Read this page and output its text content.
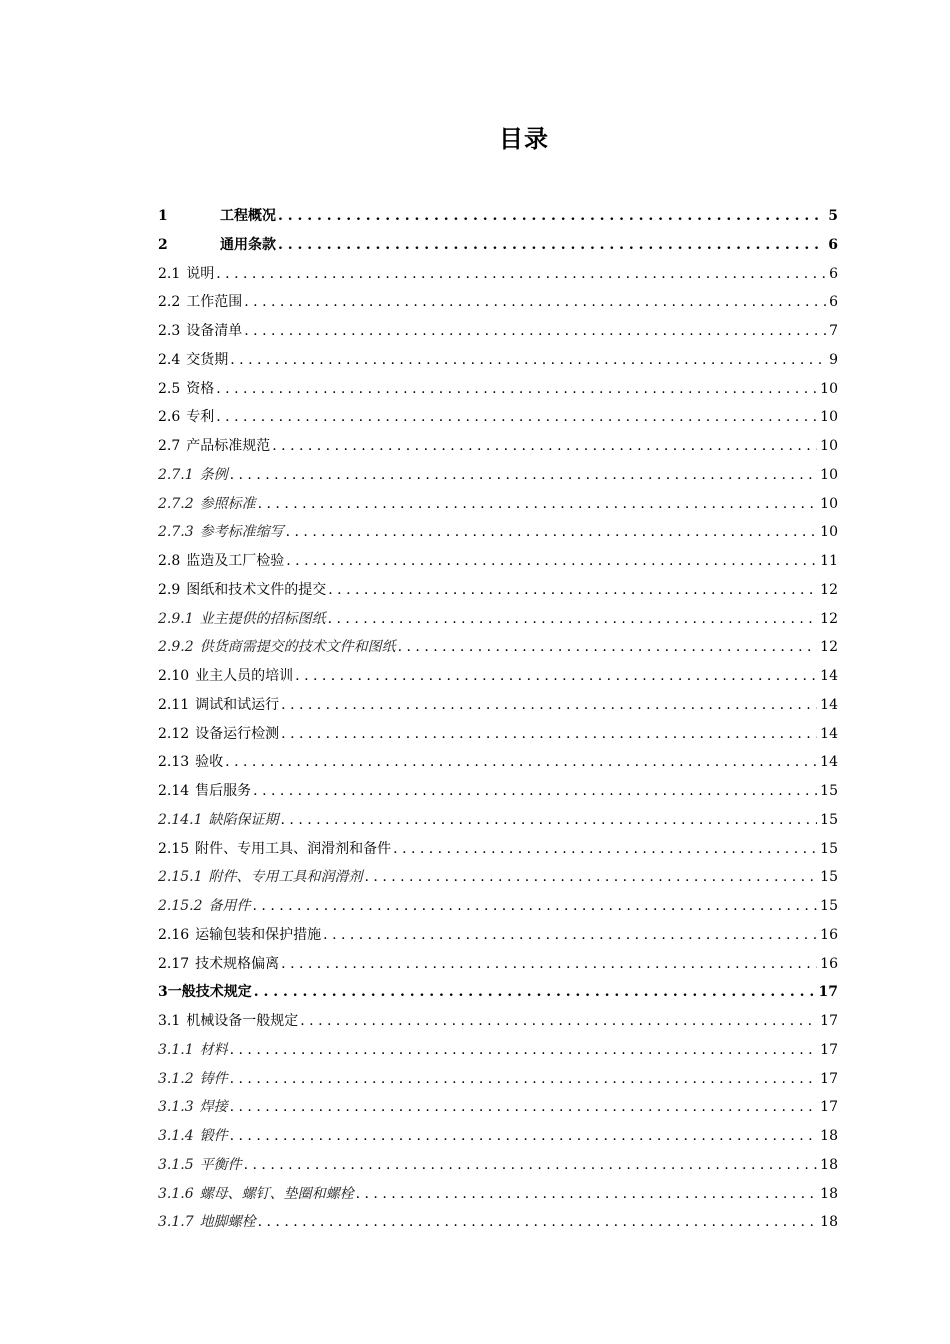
目录
1	工程概况 . . .	5
2	通用条款 . . .	6
2.1 说明 . . .	6
2.2 工作范围 . . .	6
2.3 设备清单 . . .	7
2.4 交货期 . . .	9
2.5 资格 . . .	10
2.6 专利 . . .	10
2.7 产品标准规范 . . .	10
2.7.1 条例 . . .	10
2.7.2 参照标准 . . .	10
2.7.3 参考标准缩写 . . .	10
2.8 监造及工厂检验 . . .	11
2.9 图纸和技术文件的提交 . . .	12
2.9.1 业主提供的招标图纸 . . .	12
2.9.2 供货商需提交的技术文件和图纸 . . .	12
2.10 业主人员的培训 . . .	14
2.11 调试和试运行 . . .	14
2.12 设备运行检测 . . .	14
2.13 验收 . . .	14
2.14 售后服务 . . .	15
2.14.1 缺陷保证期 . . .	15
2.15 附件、专用工具、润滑剂和备件 . . .	15
2.15.1 附件、专用工具和润滑剂 . . .	15
2.15.2 备用件 . . .	15
2.16 运输包装和保护措施 . . .	16
2.17 技术规格偏离 . . .	16
3一般技术规定 . . .	17
3.1 机械设备一般规定 . . .	17
3.1.1 材料 . . .	17
3.1.2 铸件 . . .	17
3.1.3 焊接 . . .	17
3.1.4 锻件 . . .	18
3.1.5 平衡件 . . .	18
3.1.6 螺母、螺钉、垫圈和螺栓 . . .	18
3.1.7 地脚螺栓 . . .	18
